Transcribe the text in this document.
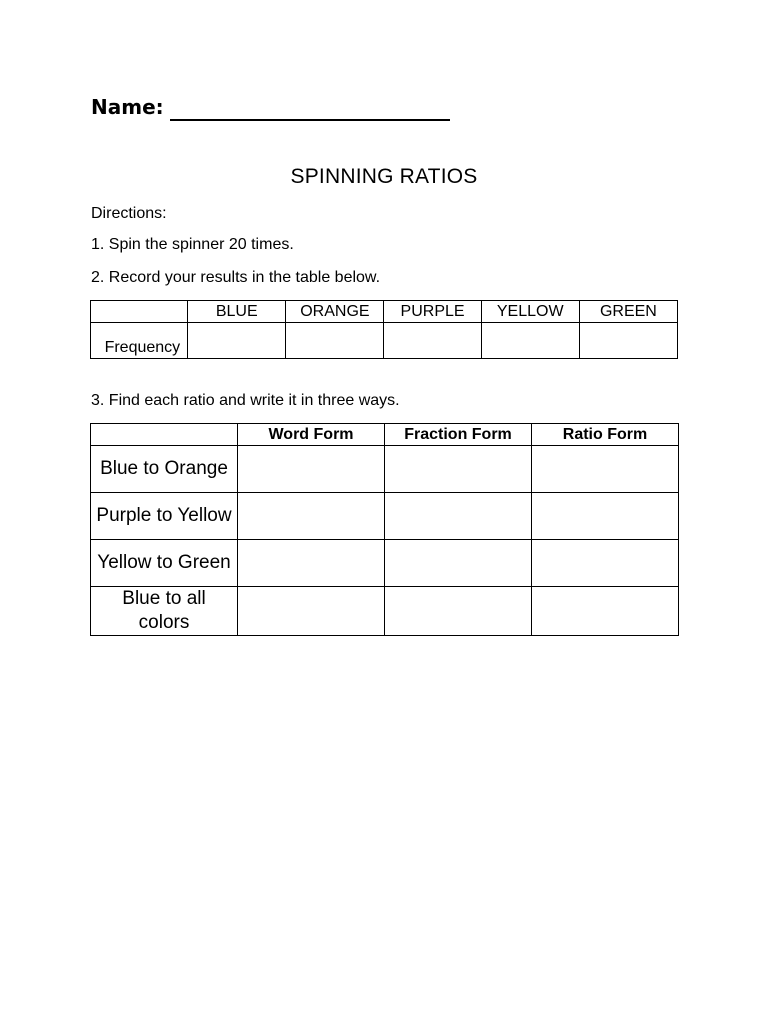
Name:
SPINNING RATIOS
Directions:
1. Spin the spinner 20 times.
2. Record your results in the table below.
	BLUE	ORANGE	PURPLE	YELLOW	GREEN
Frequency					
3. Find each ratio and write it in three ways.
	Word Form	Fraction Form	Ratio Form
Blue to Orange			
Purple to Yellow			
Yellow to Green			
Blue to all colors			
